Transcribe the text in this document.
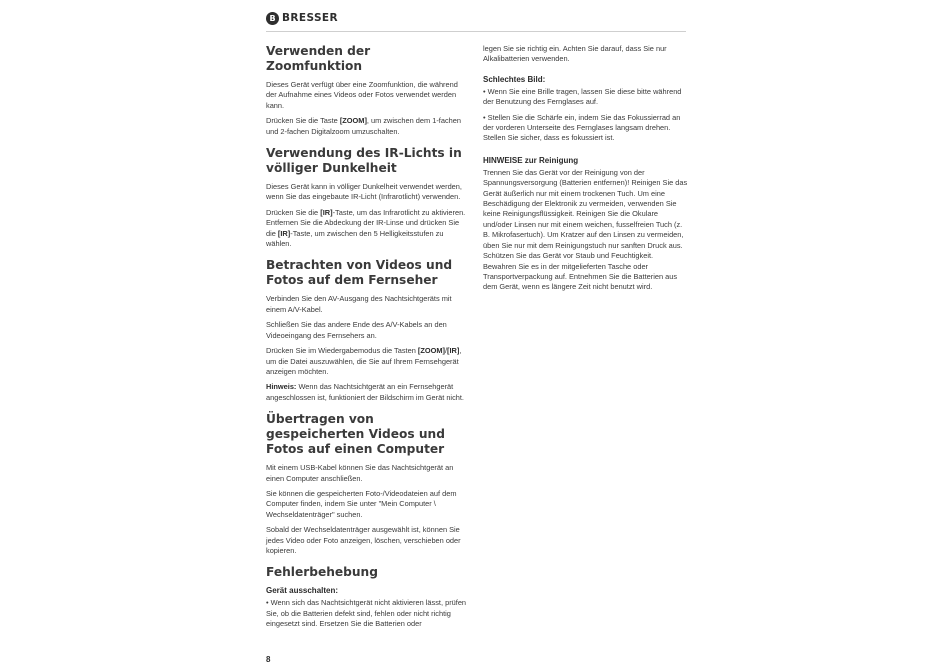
B BRESSER
Verwenden der Zoomfunktion

Dieses Gerät verfügt über eine Zoomfunktion, die während der Aufnahme eines Videos oder Fotos verwendet werden kann.

Drücken Sie die Taste [ZOOM], um zwischen dem 1-fachen und 2-fachen Digitalzoom umzuschalten.

Verwendung des IR-Lichts in völliger Dunkelheit

Dieses Gerät kann in völliger Dunkelheit verwendet werden, wenn Sie das eingebaute IR-Licht (Infrarotlicht) verwenden.

Drücken Sie die [IR]-Taste, um das Infrarotlicht zu aktivieren. Entfernen Sie die Abdeckung der IR-Linse und drücken Sie die [IR]-Taste, um zwischen den 5 Helligkeitsstufen zu wählen.

Betrachten von Videos und Fotos auf dem Fernseher

Verbinden Sie den AV-Ausgang des Nachtsichtgeräts mit einem A/V-Kabel.

Schließen Sie das andere Ende des A/V-Kabels an den Videoeingang des Fernsehers an.

Drücken Sie im Wiedergabemodus die Tasten [ZOOM]/[IR], um die Datei auszuwählen, die Sie auf Ihrem Fernsehgerät anzeigen möchten.

Hinweis: Wenn das Nachtsichtgerät an ein Fernsehgerät angeschlossen ist, funktioniert der Bildschirm im Gerät nicht.

Übertragen von gespeicherten Videos und Fotos auf einen Computer

Mit einem USB-Kabel können Sie das Nachtsichtgerät an einen Computer anschließen.

Sie können die gespeicherten Foto-/Videodateien auf dem Computer finden, indem Sie unter "Mein Computer \ Wechseldatenträger" suchen.

Sobald der Wechseldatenträger ausgewählt ist, können Sie jedes Video oder Foto anzeigen, löschen, verschieben oder kopieren.

Fehlerbehebung
Gerät ausschalten:

• Wenn sich das Nachtsichtgerät nicht aktivieren lässt, prüfen Sie, ob die Batterien defekt sind, fehlen oder nicht richtig eingesetzt sind. Ersetzen Sie die Batterien oder

legen Sie sie richtig ein. Achten Sie darauf, dass Sie nur Alkalibatterien verwenden.

Schlechtes Bild:

• Wenn Sie eine Brille tragen, lassen Sie diese bitte während der Benutzung des Fernglases auf.

• Stellen Sie die Schärfe ein, indem Sie das Fokussierrad an der vorderen Unterseite des Fernglases langsam drehen. Stellen Sie sicher, dass es fokussiert ist.

HINWEISE zur Reinigung

Trennen Sie das Gerät vor der Reinigung von der Spannungsversorgung (Batterien entfernen)! Reinigen Sie das Gerät äußerlich nur mit einem trockenen Tuch. Um eine Beschädigung der Elektronik zu vermeiden, verwenden Sie keine Reinigungsflüssigkeit. Reinigen Sie die Okulare und/oder Linsen nur mit einem weichen, fusselfreien Tuch (z. B. Mikrofasertuch). Um Kratzer auf den Linsen zu vermeiden, üben Sie nur mit dem Reinigungstuch nur sanften Druck aus. Schützen Sie das Gerät vor Staub und Feuchtigkeit. Bewahren Sie es in der mitgelieferten Tasche oder Transportverpackung auf. Entnehmen Sie die Batterien aus dem Gerät, wenn es längere Zeit nicht benutzt wird.

8
